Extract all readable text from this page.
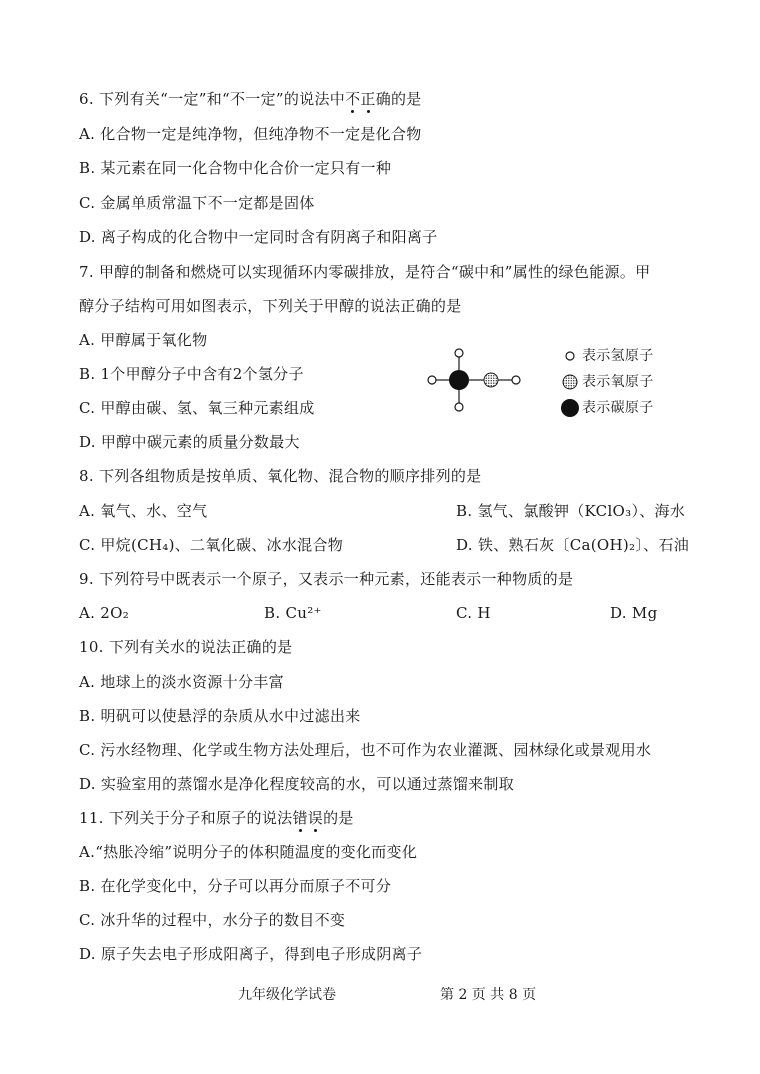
6. 下列有关“一定”和“不一定”的说法中不正确的是
A. 化合物一定是纯净物，但纯净物不一定是化合物
B. 某元素在同一化合物中化合价一定只有一种
C. 金属单质常温下不一定都是固体
D. 离子构成的化合物中一定同时含有阴离子和阳离子
7. 甲醇的制备和燃烧可以实现循环内零碳排放，是符合“碳中和”属性的绿色能源。甲
醇分子结构可用如图表示，下列关于甲醇的说法正确的是
A. 甲醇属于氧化物
B. 1个甲醇分子中含有2个氢分子
C. 甲醇由碳、氢、氧三种元素组成
D. 甲醇中碳元素的质量分数最大
表示氢原子
表示氧原子
表示碳原子
8. 下列各组物质是按单质、氧化物、混合物的顺序排列的是
A. 氧气、水、空气	B. 氢气、氯酸钾（KClO₃）、海水
C. 甲烷(CH₄)、二氧化碳、冰水混合物	D. 铁、熟石灰〔Ca(OH)₂〕、石油
9. 下列符号中既表示一个原子，又表示一种元素，还能表示一种物质的是
A. 2O₂	B. Cu²⁺	C. H	D. Mg
10. 下列有关水的说法正确的是
A. 地球上的淡水资源十分丰富
B. 明矾可以使悬浮的杂质从水中过滤出来
C. 污水经物理、化学或生物方法处理后，也不可作为农业灌溉、园林绿化或景观用水
D. 实验室用的蒸馏水是净化程度较高的水，可以通过蒸馏来制取
11. 下列关于分子和原子的说法错误的是
A.“热胀冷缩”说明分子的体积随温度的变化而变化
B. 在化学变化中，分子可以再分而原子不可分
C. 冰升华的过程中，水分子的数目不变
D. 原子失去电子形成阳离子，得到电子形成阴离子
九年级化学试卷	第 2 页 共 8 页
